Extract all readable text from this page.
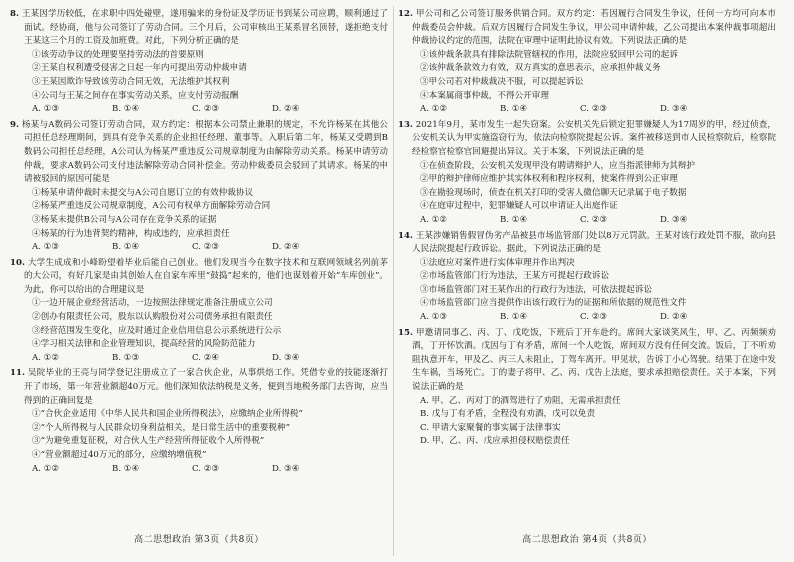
8. 王某因学历较低，在求职中四处碰壁，遂用骗来的身份证及学历证书到某公司应聘，顺利通过了面试。经协商，他与公司签订了劳动合同。三个月后，公司审核出王某系冒名顶替，遂拒绝支付王某这三个月的工资及加班费。对此，下列分析正确的是
①该劳动争议的处理要坚持劳动法的首要原则
②王某自权利遭受侵害之日起一年内可提出劳动仲裁申请
③王某因欺诈导致该劳动合同无效，无法维护其权利
④公司与王某之间存在事实劳动关系，应支付劳动报酬
A. ①③	B. ①④	C. ②③	D. ②④
9. 杨某与A数码公司签订劳动合同，双方约定：根据本公司禁止兼职的规定，不允许杨某在其他公司担任总经理期间，到具有竞争关系的企业担任经理、董事等。入职后第二年，杨某又受聘到B数码公司担任总经理，A公司认为杨某严重违反公司规章制度为由解除劳动关系。杨某申请劳动仲裁，要求A数码公司支付违法解除劳动合同补偿金。劳动仲裁委员会驳回了其请求。杨某的申请被驳回的原因可能是
①杨某申请仲裁时未提交与A公司自愿订立的有效仲裁协议
②杨某严重违反公司规章制度，A公司有权单方面解除劳动合同
③杨某未提供B公司与A公司存在竞争关系的证据
④杨某的行为违背契约精神，构成违约，应承担责任
A. ①③	B. ①④	C. ②③	D. ②④
10. 大学生成成和小峰盼望着毕业后能自己创业。他们发现当今在数字技术和互联网领域名列前茅的大公司，有好几家是由其创始人在自家车库里“鼓捣”起来的，他们也谋划着开始“车库创业”。为此，你可以给出的合理建议是
①一边开展企业经营活动，一边按照法律规定准备注册成立公司
②创办有限责任公司，股东以认购股份对公司债务承担有限责任
③经营范围发生变化，应及时通过企业信用信息公示系统进行公示
④学习相关法律和企业管理知识，提高经营的风险防范能力
A. ①②	B. ①③	C. ②④	D. ③④
11. 吴院毕业的王亮与同学登记注册成立了一家合伙企业，从事烘焙工作。凭借专业的技能逐渐打开了市场，第一年营业额超40万元。他们深知依法纳税是义务，便到当地税务部门去咨询，应当得到的正确回复是
①“合伙企业适用《中华人民共和国企业所得税法》，应缴纳企业所得税”
②“个人所得税与人民群众切身利益相关，是日常生活中的重要税种”
③“为避免重复征税，对合伙人生产经营所得征收个人所得税”
④“营业额超过40万元的部分，应缴纳增值税”
A. ①②	B. ①④	C. ②③	D. ③④
高二思想政治 第3页（共8页）
12. 甲公司和乙公司签订服务供销合同。双方约定：若因履行合同发生争议，任何一方均可向本市仲裁委员会仲裁。后双方因履行合同发生争议，甲公司申请仲裁，乙公司提出本案仲裁事项超出仲裁协议约定的范围，法院在审理中证明此协议有效。下列说法正确的是
①该仲裁条款具有排除法院管辖权的作用，法院应驳回甲公司的起诉
②该仲裁条款效力有效，双方真实的意思表示，应承担仲裁义务
③甲公司若对仲裁裁决不服，可以提起诉讼
④本案属商事仲裁，不得公开审理
A. ①②	B. ①④	C. ②③	D. ③④
13. 2021年9月，某市发生一起失窃案。公安机关先后锁定犯罪嫌疑人为17周岁的甲，经过侦查，公安机关认为甲实施盗窃行为，依法向检察院提起公诉。案件被移送到市人民检察院后，检察院经检察官检察官回避提出异议。关于本案，下列说法正确的是
①在侦查阶段，公安机关发现甲没有聘请辩护人，应当指派律师为其辩护
②甲的辩护律师应维护其实体权利和程序权利，使案件得到公正审理
③在勘验现场时，侦查在机关打印的受害人微信聊天记录属于电子数据
④在庭审过程中，犯罪嫌疑人可以申请证人出庭作证
A. ①②	B. ①④	C. ②③	D. ③④
14. 王某涉嫌销售假冒伪劣产品被县市场监管部门处以8万元罚款。王某对该行政处罚不服，欲向县人民法院提起行政诉讼。据此，下列说法正确的是
①法庭应对案件进行实体审理并作出判决
②市场监管部门行为违法，王某方可提起行政诉讼
③市场监管部门对王某作出的行政行为违法，可依法提起诉讼
④市场监管部门应当提供作出该行政行为的证据和所依据的规范性文件
A. ①③	B. ①④	C. ②③	D. ②④
15. 甲邀请同事乙、丙、丁、戊吃饭，下班后丁开车赴约。席间大家谈笑风生，甲、乙、丙频频劝酒，丁开怀饮酒。戊因与丁有矛盾，席间一个人吃饭，席间双方没有任何交流。饭后，丁不听劝阻执意开车，甲及乙、丙三人未阻止，丁驾车离开。甲见状，告诉丁小心驾驶。结果丁在途中发生车祸，当场死亡。丁的妻子将甲、乙、丙、戊告上法庭，要求承担赔偿责任。关于本案，下列说法正确的是
A. 甲、乙、丙对丁的酒驾进行了劝阻，无需承担责任
B. 戊与丁有矛盾，全程没有劝酒，戊可以免责
C. 甲请大家聚餐的事实属于法律事实
D. 甲、乙、丙、戊应承担侵权赔偿责任
高二思想政治 第4页（共8页）
